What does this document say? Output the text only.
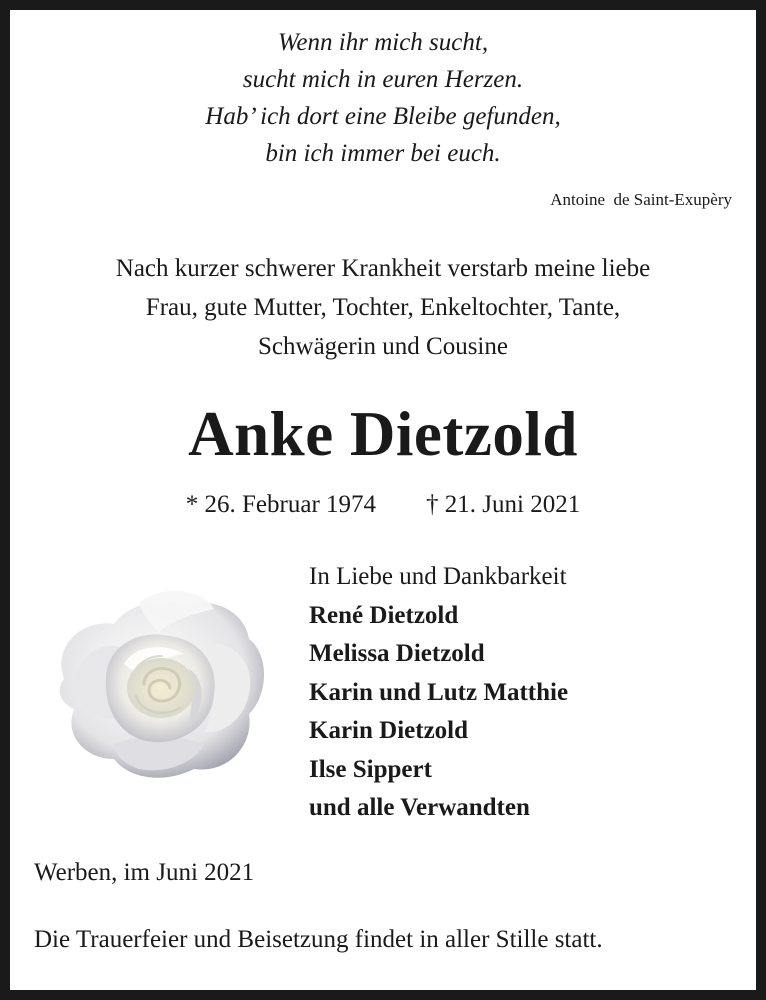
Wenn ihr mich sucht,
sucht mich in euren Herzen.
Hab’ ich dort eine Bleibe gefunden,
bin ich immer bei euch.
Antoine  de Saint-Exupèry
Nach kurzer schwerer Krankheit verstarb meine liebe
Frau, gute Mutter, Tochter, Enkeltochter, Tante,
Schwägerin und Cousine
Anke Dietzold
* 26. Februar 1974 † 21. Juni 2021
In Liebe und Dankbarkeit
René Dietzold
Melissa Dietzold
Karin und Lutz Matthie
Karin Dietzold
Ilse Sippert
und alle Verwandten
Werben, im Juni 2021
Die Trauerfeier und Beisetzung findet in aller Stille statt.
